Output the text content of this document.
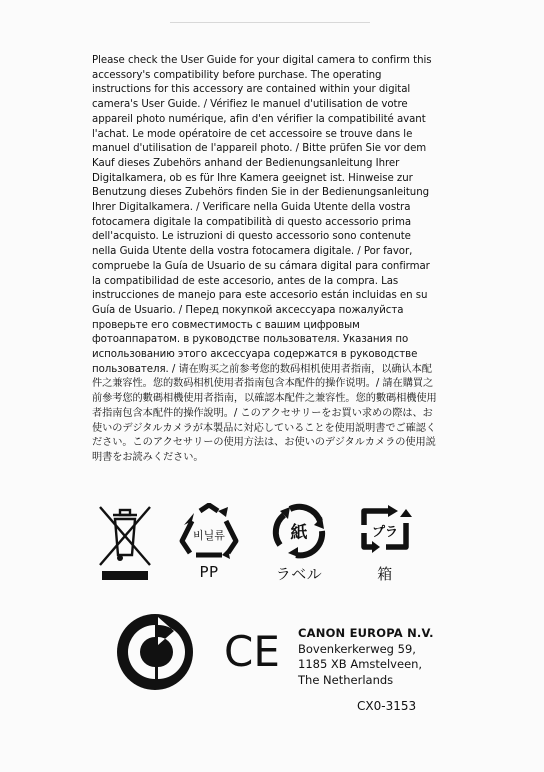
Please check the User Guide for your digital camera to confirm this accessory's compatibility before purchase. The operating instructions for this accessory are contained within your digital camera's User Guide. / Vérifiez le manuel d'utilisation de votre appareil photo numérique, afin d'en vérifier la compatibilité avant l'achat. Le mode opératoire de cet accessoire se trouve dans le manuel d'utilisation de l'appareil photo. / Bitte prüfen Sie vor dem Kauf dieses Zubehörs anhand der Bedienungsanleitung Ihrer Digitalkamera, ob es für Ihre Kamera geeignet ist. Hinweise zur Benutzung dieses Zubehörs finden Sie in der Bedienungsanleitung Ihrer Digitalkamera. / Verificare nella Guida Utente della vostra fotocamera digitale la compatibilità di questo accessorio prima dell'acquisto. Le istruzioni di questo accessorio sono contenute nella Guida Utente della vostra fotocamera digitale. / Por favor, compruebe la Guía de Usuario de su cámara digital para confirmar la compatibilidad de este accesorio, antes de la compra. Las instrucciones de manejo para este accesorio están incluidas en su Guía de Usuario. / Перед покупкой аксессуара пожалуйста проверьте его совместимость с вашим цифровым фотоаппаратом. в руководстве пользователя. Указания по использованию этого аксессуара содержатся в руководстве пользователя. / 请在购买之前参考您的数码相机使用者指南，以确认本配件之兼容性。您的数码相机使用者指南包含本配件的操作说明。/ 請在購買之前參考您的數碼相機使用者指南，以確認本配件之兼容性。您的數碼相機使用者指南包含本配件的操作說明。/ このアクセサリーをお買い求めの際は、お使いのデジタルカメラが本製品に対応していることを使用説明書でご確認ください。このアクセサリーの使用方法は、お使いのデジタルカメラの使用説明書をお読みください。
비닐류
PP
紙
ラベル
プラ
箱
CE CANON EUROPA N.V.
Bovenkerkerweg 59,
1185 XB Amstelveen,
The Netherlands
CX0-3153
